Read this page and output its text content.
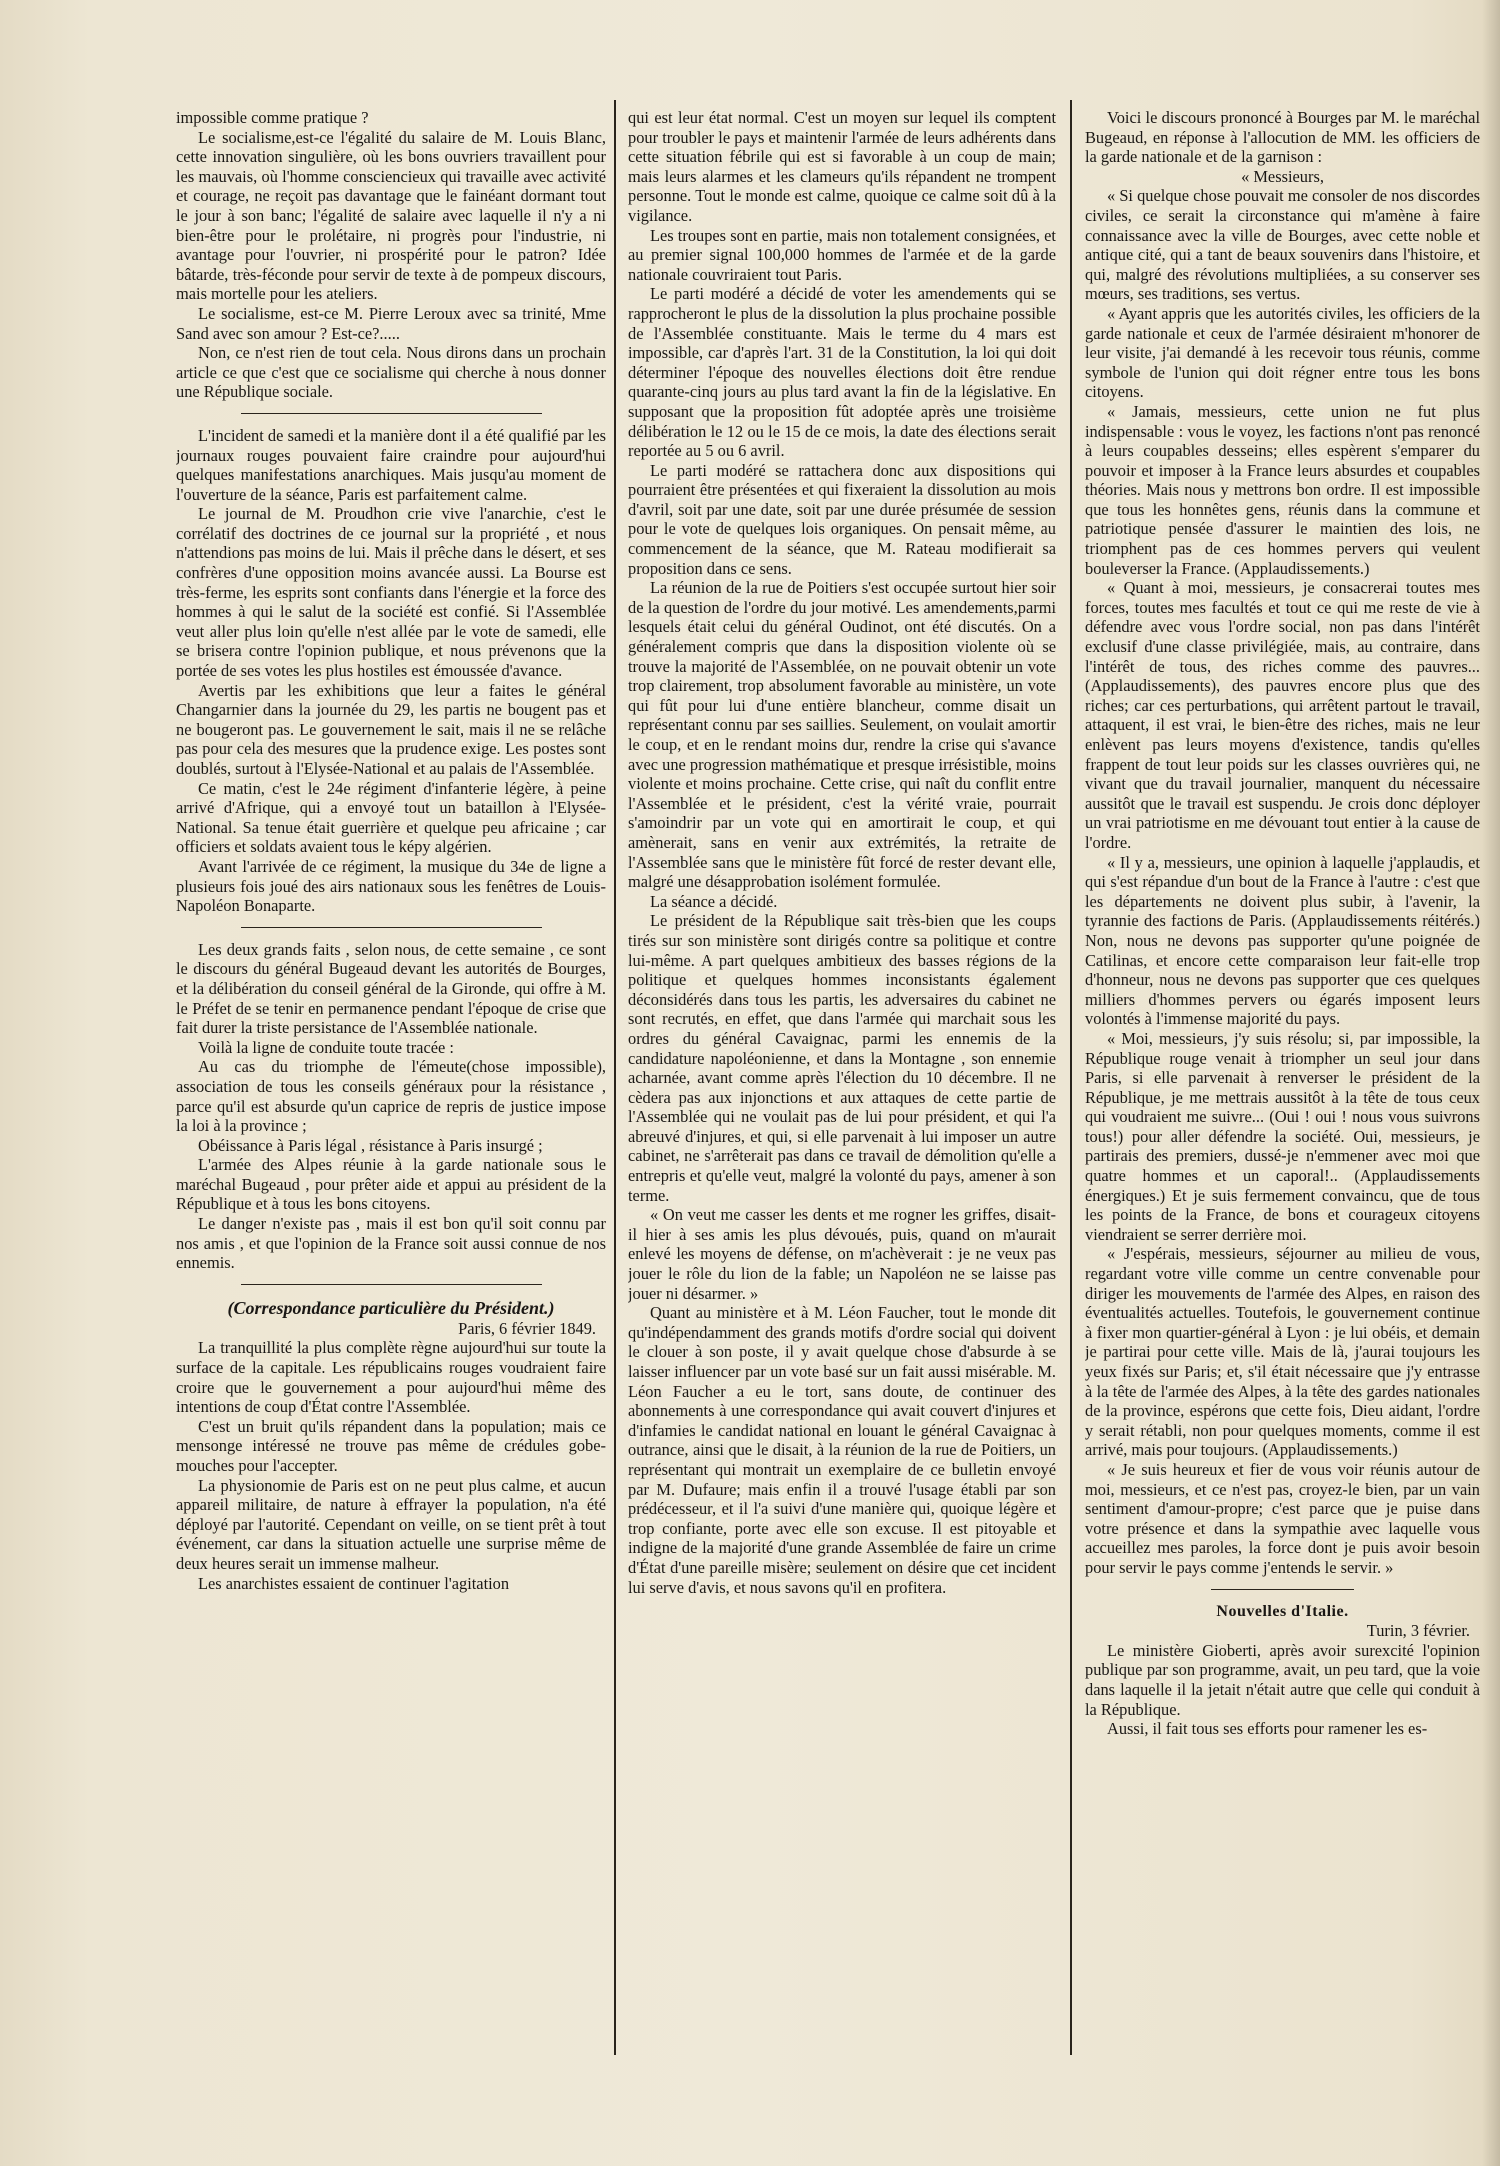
impossible comme pratique ?

Le socialisme,est-ce l'égalité du salaire de M. Louis Blanc, cette innovation singulière, où les bons ouvriers travaillent pour les mauvais, où l'homme consciencieux qui travaille avec activité et courage, ne reçoit pas davantage que le fainéant dormant tout le jour à son banc; l'égalité de salaire avec laquelle il n'y a ni bien-être pour le prolétaire, ni progrès pour l'industrie, ni avantage pour l'ouvrier, ni prospérité pour le patron? Idée bâtarde, très-féconde pour servir de texte à de pompeux discours, mais mortelle pour les ateliers.

Le socialisme, est-ce M. Pierre Leroux avec sa trinité, Mme Sand avec son amour ? Est-ce?.....

Non, ce n'est rien de tout cela. Nous dirons dans un prochain article ce que c'est que ce socialisme qui cherche à nous donner une République sociale.

L'incident de samedi et la manière dont il a été qualifié par les journaux rouges pouvaient faire craindre pour aujourd'hui quelques manifestations anarchiques. Mais jusqu'au moment de l'ouverture de la séance, Paris est parfaitement calme.

Le journal de M. Proudhon crie vive l'anarchie, c'est le corrélatif des doctrines de ce journal sur la propriété , et nous n'attendions pas moins de lui. Mais il prêche dans le désert, et ses confrères d'une opposition moins avancée aussi. La Bourse est très-ferme, les esprits sont confiants dans l'énergie et la force des hommes à qui le salut de la société est confié. Si l'Assemblée veut aller plus loin qu'elle n'est allée par le vote de samedi, elle se brisera contre l'opinion publique, et nous prévenons que la portée de ses votes les plus hostiles est émoussée d'avance.

Avertis par les exhibitions que leur a faites le général Changarnier dans la journée du 29, les partis ne bougent pas et ne bougeront pas. Le gouvernement le sait, mais il ne se relâche pas pour cela des mesures que la prudence exige. Les postes sont doublés, surtout à l'Elysée-National et au palais de l'Assemblée.

Ce matin, c'est le 24e régiment d'infanterie légère, à peine arrivé d'Afrique, qui a envoyé tout un bataillon à l'Elysée-National. Sa tenue était guerrière et quelque peu africaine ; car officiers et soldats avaient tous le képy algérien.

Avant l'arrivée de ce régiment, la musique du 34e de ligne a plusieurs fois joué des airs nationaux sous les fenêtres de Louis-Napoléon Bonaparte.

Les deux grands faits , selon nous, de cette semaine , ce sont le discours du général Bugeaud devant les autorités de Bourges, et la délibération du conseil général de la Gironde, qui offre à M. le Préfet de se tenir en permanence pendant l'époque de crise que fait durer la triste persistance de l'Assemblée nationale.

Voilà la ligne de conduite toute tracée :

Au cas du triomphe de l'émeute(chose impossible), association de tous les conseils généraux pour la résistance , parce qu'il est absurde qu'un caprice de repris de justice impose la loi à la province ;

Obéissance à Paris légal , résistance à Paris insurgé ;

L'armée des Alpes réunie à la garde nationale sous le maréchal Bugeaud , pour prêter aide et appui au président de la République et à tous les bons citoyens.

Le danger n'existe pas , mais il est bon qu'il soit connu par nos amis , et que l'opinion de la France soit aussi connue de nos ennemis.

(Correspondance particulière du Président.)

Paris, 6 février 1849.

La tranquillité la plus complète règne aujourd'hui sur toute la surface de la capitale. Les républicains rouges voudraient faire croire que le gouvernement a pour aujourd'hui même des intentions de coup d'État contre l'Assemblée.

C'est un bruit qu'ils répandent dans la population; mais ce mensonge intéressé ne trouve pas même de crédules gobe-mouches pour l'accepter.

La physionomie de Paris est on ne peut plus calme, et aucun appareil militaire, de nature à effrayer la population, n'a été déployé par l'autorité. Cependant on veille, on se tient prêt à tout événement, car dans la situation actuelle une surprise même de deux heures serait un immense malheur.

Les anarchistes essaient de continuer l'agitation

qui est leur état normal. C'est un moyen sur lequel ils comptent pour troubler le pays et maintenir l'armée de leurs adhérents dans cette situation fébrile qui est si favorable à un coup de main; mais leurs alarmes et les clameurs qu'ils répandent ne trompent personne. Tout le monde est calme, quoique ce calme soit dû à la vigilance.

Les troupes sont en partie, mais non totalement consignées, et au premier signal 100,000 hommes de l'armée et de la garde nationale couvriraient tout Paris.

Le parti modéré a décidé de voter les amendements qui se rapprocheront le plus de la dissolution la plus prochaine possible de l'Assemblée constituante. Mais le terme du 4 mars est impossible, car d'après l'art. 31 de la Constitution, la loi qui doit déterminer l'époque des nouvelles élections doit être rendue quarante-cinq jours au plus tard avant la fin de la législative. En supposant que la proposition fût adoptée après une troisième délibération le 12 ou le 15 de ce mois, la date des élections serait reportée au 5 ou 6 avril.

Le parti modéré se rattachera donc aux dispositions qui pourraient être présentées et qui fixeraient la dissolution au mois d'avril, soit par une date, soit par une durée présumée de session pour le vote de quelques lois organiques. On pensait même, au commencement de la séance, que M. Rateau modifierait sa proposition dans ce sens.

La réunion de la rue de Poitiers s'est occupée surtout hier soir de la question de l'ordre du jour motivé. Les amendements,parmi lesquels était celui du général Oudinot, ont été discutés. On a généralement compris que dans la disposition violente où se trouve la majorité de l'Assemblée, on ne pouvait obtenir un vote trop clairement, trop absolument favorable au ministère, un vote qui fût pour lui d'une entière blancheur, comme disait un représentant connu par ses saillies. Seulement, on voulait amortir le coup, et en le rendant moins dur, rendre la crise qui s'avance avec une progression mathématique et presque irrésistible, moins violente et moins prochaine. Cette crise, qui naît du conflit entre l'Assemblée et le président, c'est la vérité vraie, pourrait s'amoindrir par un vote qui en amortirait le coup, et qui amènerait, sans en venir aux extrémités, la retraite de l'Assemblée sans que le ministère fût forcé de rester devant elle, malgré une désapprobation isolément formulée.

La séance a décidé.

Le président de la République sait très-bien que les coups tirés sur son ministère sont dirigés contre sa politique et contre lui-même. A part quelques ambitieux des basses régions de la politique et quelques hommes inconsistants également déconsidérés dans tous les partis, les adversaires du cabinet ne sont recrutés, en effet, que dans l'armée qui marchait sous les ordres du général Cavaignac, parmi les ennemis de la candidature napoléonienne, et dans la Montagne , son ennemie acharnée, avant comme après l'élection du 10 décembre. Il ne cèdera pas aux injonctions et aux attaques de cette partie de l'Assemblée qui ne voulait pas de lui pour président, et qui l'a abreuvé d'injures, et qui, si elle parvenait à lui imposer un autre cabinet, ne s'arrêterait pas dans ce travail de démolition qu'elle a entrepris et qu'elle veut, malgré la volonté du pays, amener à son terme.

« On veut me casser les dents et me rogner les griffes, disait-il hier à ses amis les plus dévoués, puis, quand on m'aurait enlevé les moyens de défense, on m'achèverait : je ne veux pas jouer le rôle du lion de la fable; un Napoléon ne se laisse pas jouer ni désarmer. »

Quant au ministère et à M. Léon Faucher, tout le monde dit qu'indépendamment des grands motifs d'ordre social qui doivent le clouer à son poste, il y avait quelque chose d'absurde à se laisser influencer par un vote basé sur un fait aussi misérable. M. Léon Faucher a eu le tort, sans doute, de continuer des abonnements à une correspondance qui avait couvert d'injures et d'infamies le candidat national en louant le général Cavaignac à outrance, ainsi que le disait, à la réunion de la rue de Poitiers, un représentant qui montrait un exemplaire de ce bulletin envoyé par M. Dufaure; mais enfin il a trouvé l'usage établi par son prédécesseur, et il l'a suivi d'une manière qui, quoique légère et trop confiante, porte avec elle son excuse. Il est pitoyable et indigne de la majorité d'une grande Assemblée de faire un crime d'État d'une pareille misère; seulement on désire que cet incident lui serve d'avis, et nous savons qu'il en profitera.

Voici le discours prononcé à Bourges par M. le maréchal Bugeaud, en réponse à l'allocution de MM. les officiers de la garde nationale et de la garnison :

« Messieurs,

« Si quelque chose pouvait me consoler de nos discordes civiles, ce serait la circonstance qui m'amène à faire connaissance avec la ville de Bourges, avec cette noble et antique cité, qui a tant de beaux souvenirs dans l'histoire, et qui, malgré des révolutions multipliées, a su conserver ses mœurs, ses traditions, ses vertus.

« Ayant appris que les autorités civiles, les officiers de la garde nationale et ceux de l'armée désiraient m'honorer de leur visite, j'ai demandé à les recevoir tous réunis, comme symbole de l'union qui doit régner entre tous les bons citoyens.

« Jamais, messieurs, cette union ne fut plus indispensable : vous le voyez, les factions n'ont pas renoncé à leurs coupables desseins; elles espèrent s'emparer du pouvoir et imposer à la France leurs absurdes et coupables théories. Mais nous y mettrons bon ordre. Il est impossible que tous les honnêtes gens, réunis dans la commune et patriotique pensée d'assurer le maintien des lois, ne triomphent pas de ces hommes pervers qui veulent bouleverser la France. (Applaudissements.)

« Quant à moi, messieurs, je consacrerai toutes mes forces, toutes mes facultés et tout ce qui me reste de vie à défendre avec vous l'ordre social, non pas dans l'intérêt exclusif d'une classe privilégiée, mais, au contraire, dans l'intérêt de tous, des riches comme des pauvres... (Applaudissements), des pauvres encore plus que des riches; car ces perturbations, qui arrêtent partout le travail, attaquent, il est vrai, le bien-être des riches, mais ne leur enlèvent pas leurs moyens d'existence, tandis qu'elles frappent de tout leur poids sur les classes ouvrières qui, ne vivant que du travail journalier, manquent du nécessaire aussitôt que le travail est suspendu. Je crois donc déployer un vrai patriotisme en me dévouant tout entier à la cause de l'ordre.

« Il y a, messieurs, une opinion à laquelle j'applaudis, et qui s'est répandue d'un bout de la France à l'autre : c'est que les départements ne doivent plus subir, à l'avenir, la tyrannie des factions de Paris. (Applaudissements réitérés.) Non, nous ne devons pas supporter qu'une poignée de Catilinas, et encore cette comparaison leur fait-elle trop d'honneur, nous ne devons pas supporter que ces quelques milliers d'hommes pervers ou égarés imposent leurs volontés à l'immense majorité du pays.

« Moi, messieurs, j'y suis résolu; si, par impossible, la République rouge venait à triompher un seul jour dans Paris, si elle parvenait à renverser le président de la République, je me mettrais aussitôt à la tête de tous ceux qui voudraient me suivre... (Oui ! oui ! nous vous suivrons tous!) pour aller défendre la société. Oui, messieurs, je partirais des premiers, dussé-je n'emmener avec moi que quatre hommes et un caporal!.. (Applaudissements énergiques.) Et je suis fermement convaincu, que de tous les points de la France, de bons et courageux citoyens viendraient se serrer derrière moi.

« J'espérais, messieurs, séjourner au milieu de vous, regardant votre ville comme un centre convenable pour diriger les mouvements de l'armée des Alpes, en raison des éventualités actuelles. Toutefois, le gouvernement continue à fixer mon quartier-général à Lyon : je lui obéis, et demain je partirai pour cette ville. Mais de là, j'aurai toujours les yeux fixés sur Paris; et, s'il était nécessaire que j'y entrasse à la tête de l'armée des Alpes, à la tête des gardes nationales de la province, espérons que cette fois, Dieu aidant, l'ordre y serait rétabli, non pour quelques moments, comme il est arrivé, mais pour toujours. (Applaudissements.)

« Je suis heureux et fier de vous voir réunis autour de moi, messieurs, et ce n'est pas, croyez-le bien, par un vain sentiment d'amour-propre; c'est parce que je puise dans votre présence et dans la sympathie avec laquelle vous accueillez mes paroles, la force dont je puis avoir besoin pour servir le pays comme j'entends le servir. »

Nouvelles d'Italie.

Turin, 3 février.

Le ministère Gioberti, après avoir surexcité l'opinion publique par son programme, avait, un peu tard, que la voie dans laquelle il la jetait n'était autre que celle qui conduit à la République.

Aussi, il fait tous ses efforts pour ramener les es-
